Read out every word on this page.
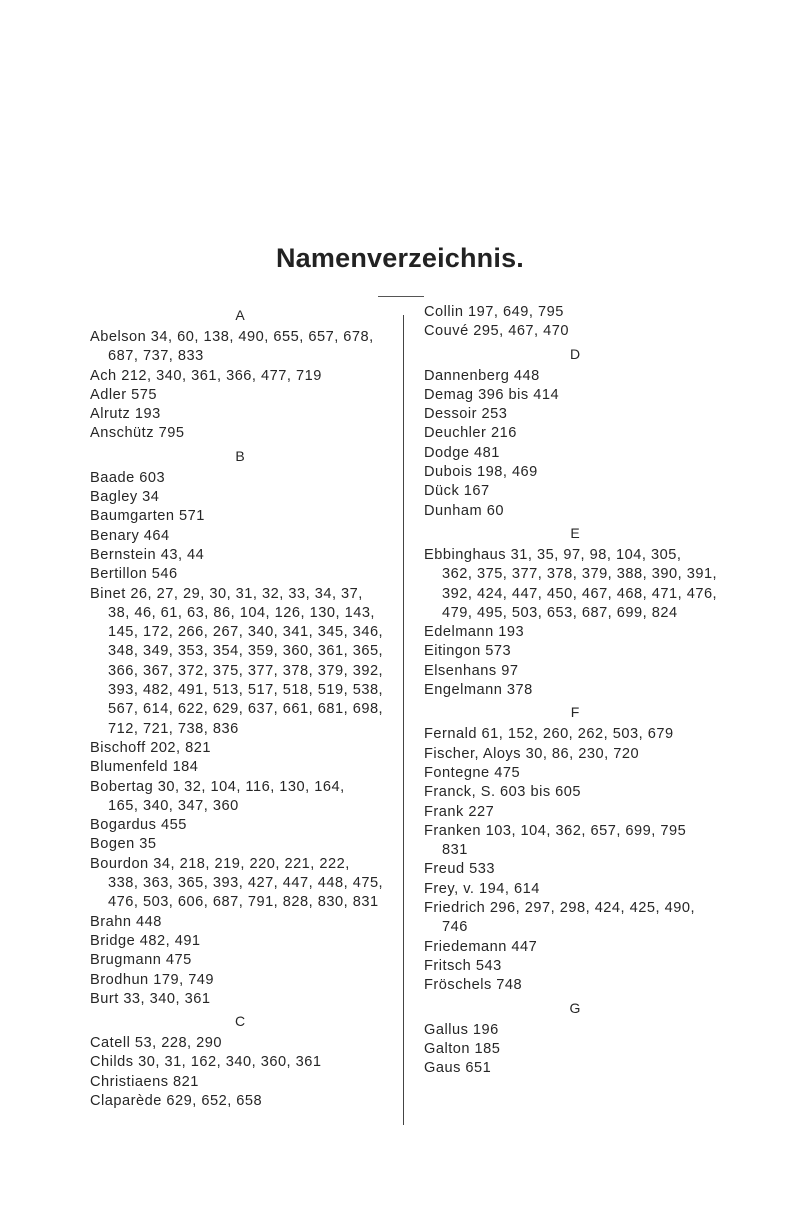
Namenverzeichnis.
A
Abelson 34, 60, 138, 490, 655, 657, 678,
687, 737, 833
Ach 212, 340, 361, 366, 477, 719
Adler 575
Alrutz 193
Anschütz 795
B
Baade 603
Bagley 34
Baumgarten 571
Benary 464
Bernstein 43, 44
Bertillon 546
Binet 26, 27, 29, 30, 31, 32, 33, 34, 37,
38, 46, 61, 63, 86, 104, 126, 130, 143,
145, 172, 266, 267, 340, 341, 345, 346,
348, 349, 353, 354, 359, 360, 361, 365,
366, 367, 372, 375, 377, 378, 379, 392,
393, 482, 491, 513, 517, 518, 519, 538,
567, 614, 622, 629, 637, 661, 681, 698,
712, 721, 738, 836
Bischoff 202, 821
Blumenfeld 184
Bobertag 30, 32, 104, 116, 130, 164,
165, 340, 347, 360
Bogardus 455
Bogen 35
Bourdon 34, 218, 219, 220, 221, 222,
338, 363, 365, 393, 427, 447, 448, 475,
476, 503, 606, 687, 791, 828, 830, 831
Brahn 448
Bridge 482, 491
Brugmann 475
Brodhun 179, 749
Burt 33, 340, 361
C
Catell 53, 228, 290
Childs 30, 31, 162, 340, 360, 361
Christiaens 821
Claparède 629, 652, 658
Collin 197, 649, 795
Couvé 295, 467, 470
D
Dannenberg 448
Demag 396 bis 414
Dessoir 253
Deuchler 216
Dodge 481
Dubois 198, 469
Dück 167
Dunham 60
E
Ebbinghaus 31, 35, 97, 98, 104, 305,
362, 375, 377, 378, 379, 388, 390, 391,
392, 424, 447, 450, 467, 468, 471, 476,
479, 495, 503, 653, 687, 699, 824
Edelmann 193
Eitingon 573
Elsenhans 97
Engelmann 378
F
Fernald 61, 152, 260, 262, 503, 679
Fischer, Aloys 30, 86, 230, 720
Fontegne 475
Franck, S. 603 bis 605
Frank 227
Franken 103, 104, 362, 657, 699, 795
831
Freud 533
Frey, v. 194, 614
Friedrich 296, 297, 298, 424, 425, 490,
746
Friedemann 447
Fritsch 543
Fröschels 748
G
Gallus 196
Galton 185
Gaus 651
